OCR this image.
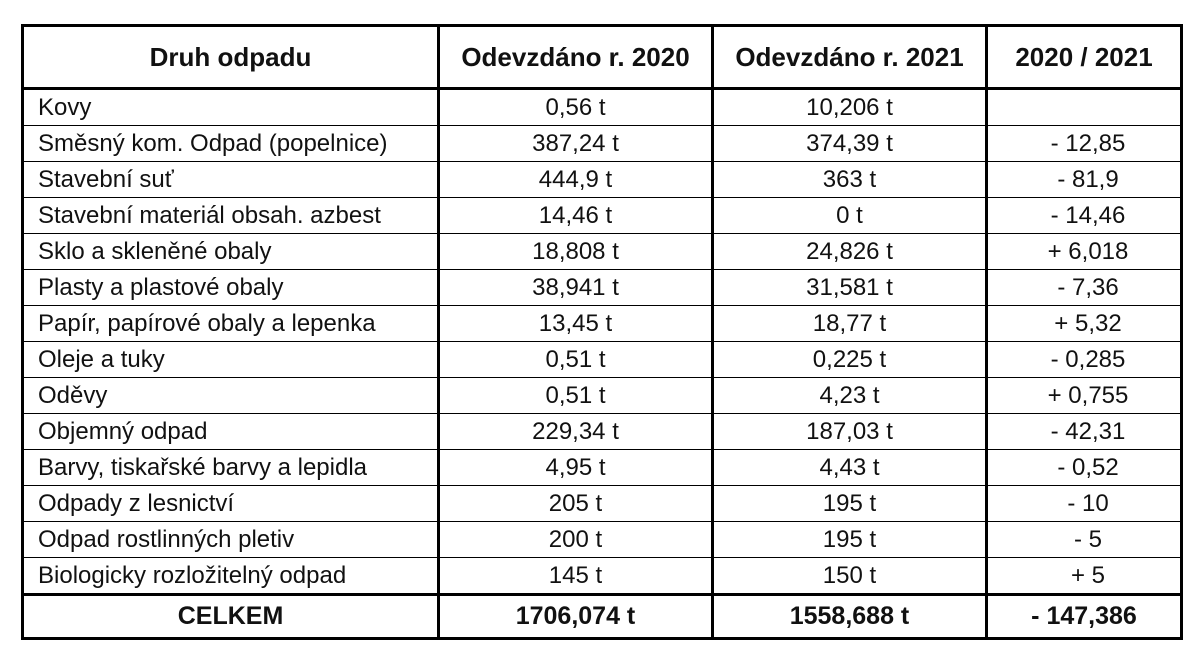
Druh odpadu	Odevzdáno r. 2020	Odevzdáno r. 2021	2020 / 2021
Kovy	0,56 t	10,206 t	
Směsný kom. Odpad (popelnice)	387,24 t	374,39 t	- 12,85
Stavební suť	444,9 t	363 t	- 81,9
Stavební materiál obsah. azbest	14,46 t	0 t	- 14,46
Sklo a skleněné obaly	18,808 t	24,826 t	+ 6,018
Plasty a plastové obaly	38,941 t	31,581 t	- 7,36
Papír, papírové obaly a lepenka	13,45 t	18,77 t	+ 5,32
Oleje a tuky	0,51 t	0,225 t	- 0,285
Oděvy	0,51 t	4,23 t	+ 0,755
Objemný odpad	229,34 t	187,03 t	- 42,31
Barvy, tiskařské barvy a lepidla	4,95 t	4,43 t	- 0,52
Odpady z lesnictví	205 t	195 t	- 10
Odpad rostlinných pletiv	200 t	195 t	- 5
Biologicky rozložitelný odpad	145 t	150 t	+ 5
CELKEM	1706,074 t	1558,688 t	- 147,386
